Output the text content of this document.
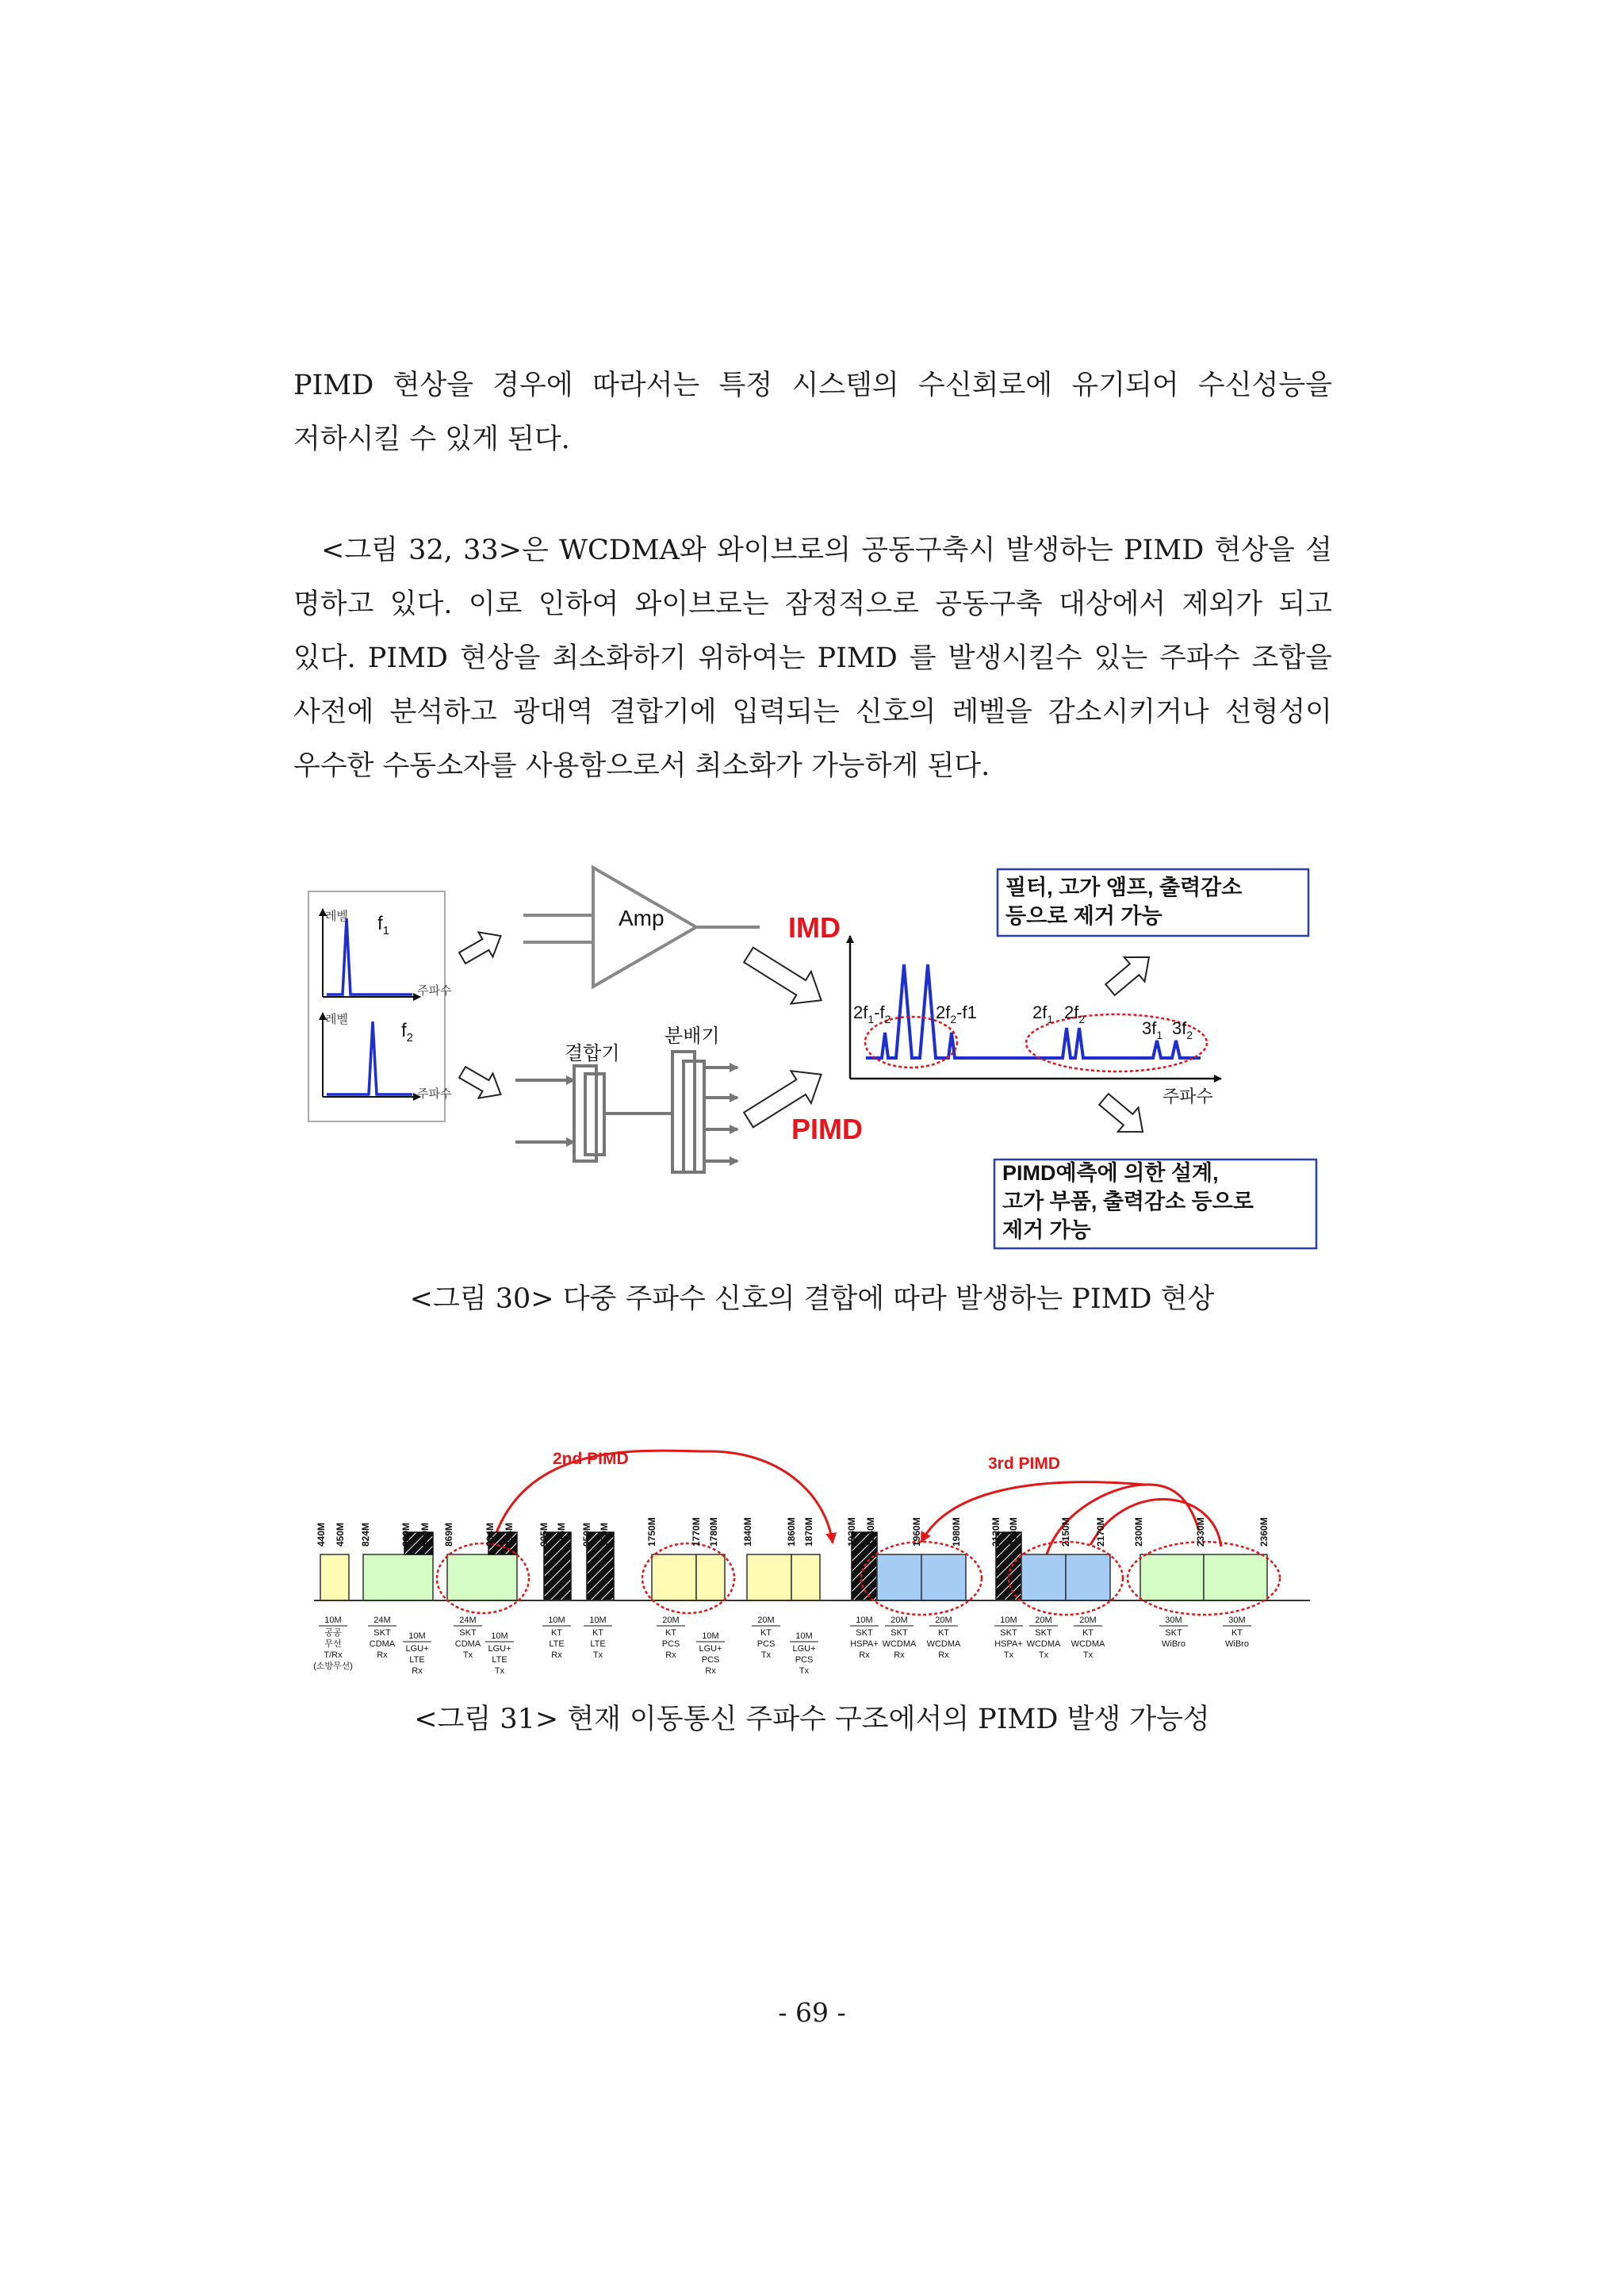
PIMD 현상을 경우에 따라서는 특정 시스템의 수신회로에 유기되어 수신성능을
저하시킬 수 있게 된다.
<그림 32, 33>은 WCDMA와 와이브로의 공동구축시 발생하는 PIMD 현상을 설
명하고 있다. 이로 인하여 와이브로는 잠정적으로 공동구축 대상에서 제외가 되고
있다. PIMD 현상을 최소화하기 위하여는 PIMD 를 발생시킬수 있는 주파수 조합을
사전에 분석하고 광대역 결합기에 입력되는 신호의 레벨을 감소시키거나 선형성이
우수한 수동소자를 사용함으로서 최소화가 가능하게 된다.
레벨
주파수
$f_1$
레벨
주파수
$f_2$
Amp	IMD
결합기
분배기
PIMD
주파수
$2f_1-f_2$	$2f_2-f1$	$2f_1$ $2f_2$	$3f_1$ $3f_2$
필터, 고가 앰프, 출력감소
등으로 제거 가능
PIMD예측에 의한 설계,
고가 부품, 출력감소 등으로
제거 가능
<그림 30> 다중 주파수 신호의 결합에 따라 발생하는 PIMD 현상
2nd PIMD	3rd PIMD
440M 450M 824M	839M 849M 869M	884M 894M	905M 915M 950M 960M	1750M	1770M 1780M 1840M	1860M 1870M	1930M 1940M	1960M	1980M	2120M 2130M	2150M	2170M	2300M	2330M	2360M
10M
공공
무선
T/Rx
(소방무선)
24M
SKT
CDMA
Rx
10M
LGU+
LTE
Rx
24M
SKT
CDMA
Tx
10M
LGU+
LTE
Tx
10M
KT
LTE
Rx
10M
KT
LTE
Tx
20M
KT
PCS
Rx
10M
LGU+
PCS
Rx
20M
KT
PCS
Tx
10M
LGU+
PCS
Tx
10M
SKT
HSPA+
Rx
20M
SKT
WCDMA
Rx
20M
KT
WCDMA
Rx
10M
SKT
HSPA+
Tx
20M
SKT
WCDMA
Tx
20M
KT
WCDMA
Tx
30M
SKT
WiBro
30M
KT
WiBro
<그림 31> 현재 이동통신 주파수 구조에서의 PIMD 발생 가능성
- 69 -
